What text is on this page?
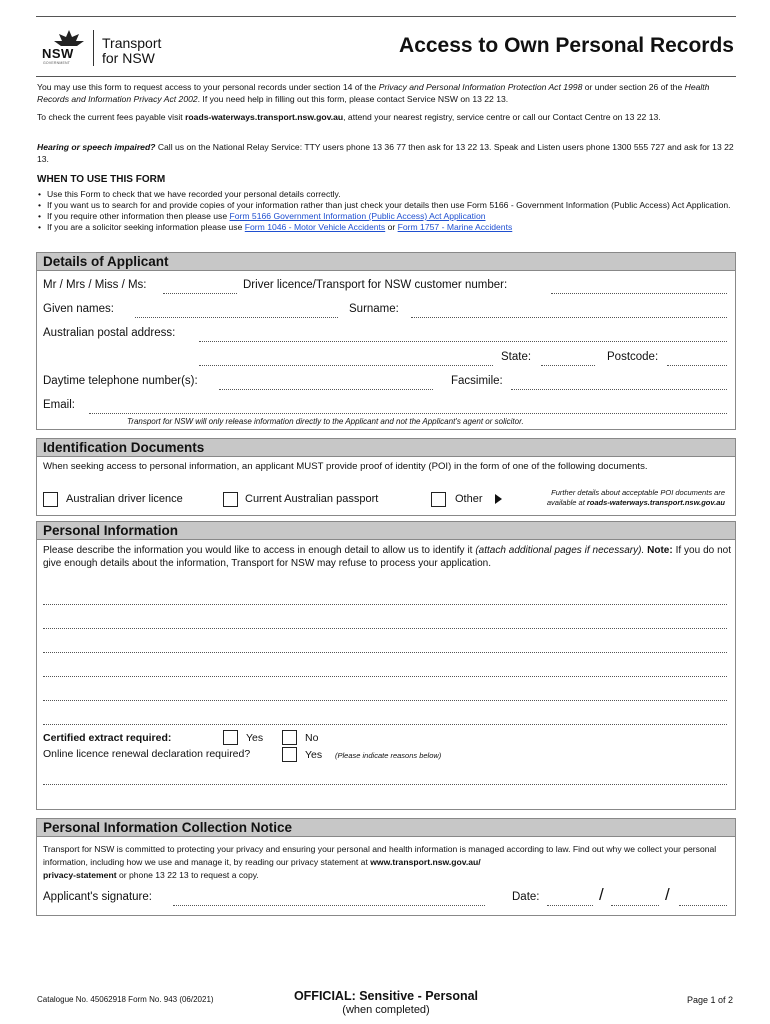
NSW
GOVERNMENT
Transport
for NSW
Access to Own Personal Records
You may use this form to request access to your personal records under section 14 of the Privacy and Personal Information Protection Act 1998 or under section 26 of the Health Records and Information Privacy Act 2002. If you need help in filling out this form, please contact Service NSW on 13 22 13.
To check the current fees payable visit roads-waterways.transport.nsw.gov.au, attend your nearest registry, service centre or call our Contact Centre on 13 22 13.
Hearing or speech impaired? Call us on the National Relay Service: TTY users phone 13 36 77 then ask for 13 22 13. Speak and Listen users phone 1300 555 727 and ask for 13 22 13.
WHEN TO USE THIS FORM
• Use this Form to check that we have recorded your personal details correctly.
• If you want us to search for and provide copies of your information rather than just check your details then use Form 5166 - Government Information (Public Access) Act Application.
• If you require other information then please use Form 5166 Government Information (Public Access) Act Application
• If you are a solicitor seeking information please use Form 1046 - Motor Vehicle Accidents or Form 1757 - Marine Accidents
Details of Applicant
Mr / Mrs / Miss / Ms:	Driver licence/Transport for NSW customer number:
Given names:	Surname:
Australian postal address:
State:	Postcode:
Daytime telephone number(s):	Facsimile:
Email:
Transport for NSW will only release information directly to the Applicant and not the Applicant's agent or solicitor.
Identification Documents
When seeking access to personal information, an applicant MUST provide proof of identity (POI) in the form of one of the following documents.
Australian driver licence	Current Australian passport	Other
Further details about acceptable POI documents are
available at roads-waterways.transport.nsw.gov.au
Personal Information
Please describe the information you would like to access in enough detail to allow us to identify it (attach additional pages if necessary). Note: If you do not give enough details about the information, Transport for NSW may refuse to process your application.
Certified extract required:	Yes	No
Online licence renewal declaration required?	Yes (Please indicate reasons below)
Personal Information Collection Notice
Transport for NSW is committed to protecting your privacy and ensuring your personal and health information is managed according to law. Find out why we collect your personal information, including how we use and manage it, by reading our privacy statement at www.transport.nsw.gov.au/
privacy-statement or phone 13 22 13 to request a copy.
Applicant's signature:	Date:	/	/
Catalogue No. 45062918 Form No. 943 (06/2021)	OFFICIAL: Sensitive - Personal
(when completed)
Page 1 of 2
